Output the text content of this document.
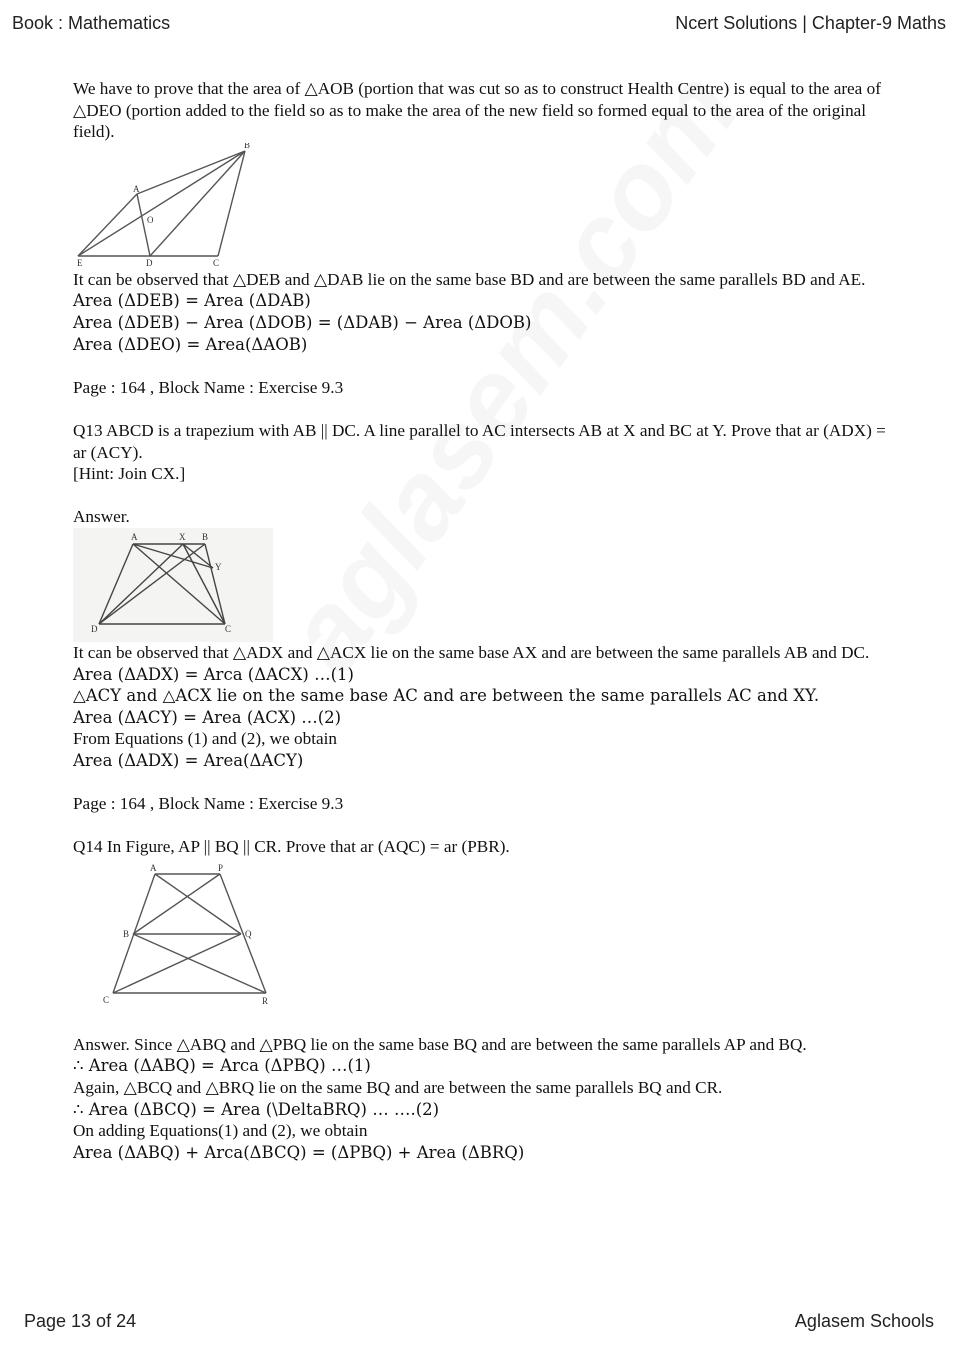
Book : Mathematics	Ncert Solutions | Chapter-9 Maths

We have to prove that the area of △AOB (portion that was cut so as to construct Health Centre) is equal to the area of △DEO (portion added to the field so as to make the area of the new field so formed equal to the area of the original field).

B
A
O
E	D	C

It can be observed that △DEB and △DAB lie on the same base BD and are between the same parallels BD and AE.

Area (ΔDEB) = Area (ΔDAB)

Area (ΔDEB) − Area (ΔDOB) = (ΔDAB) − Area (ΔDOB)

Area (ΔDEO) = Area(ΔAOB)

Page : 164 , Block Name : Exercise 9.3

Q13 ABCD is a trapezium with AB || DC. A line parallel to AC intersects AB at X and BC at Y. Prove that ar (ADX) = ar (ACY).

[Hint: Join CX.]

Answer.

A	X B
Y
D	C

It can be observed that △ADX and △ACX lie on the same base AX and are between the same parallels AB and DC.

Area (ΔADX) = Arca (ΔACX) …(1)

△ACY and △ACX lie on the same base AC and are between the same parallels AC and XY.

Area (ΔACY) = Area (ACX) …(2)

From Equations (1) and (2), we obtain

Area (ΔADX) = Area(ΔACY)

Page : 164 , Block Name : Exercise 9.3

Q14 In Figure, AP || BQ || CR. Prove that ar (AQC) = ar (PBR).

A	P
B	Q
C	R

Answer. Since △ABQ and △PBQ lie on the same base BQ and are between the same parallels AP and BQ.

∴ Area (ΔABQ) = Arca (ΔPBQ) …(1)

Again, △BCQ and △BRQ lie on the same BQ and are between the same parallels BQ and CR.

∴ Area (ΔBCQ) = Area (\DeltaBRQ) … ….(2)

On adding Equations(1) and (2), we obtain

Area (ΔABQ) + Arca(ΔBCQ) = (ΔPBQ) + Area (ΔBRQ)

Page 13 of 24	Aglasem Schools
